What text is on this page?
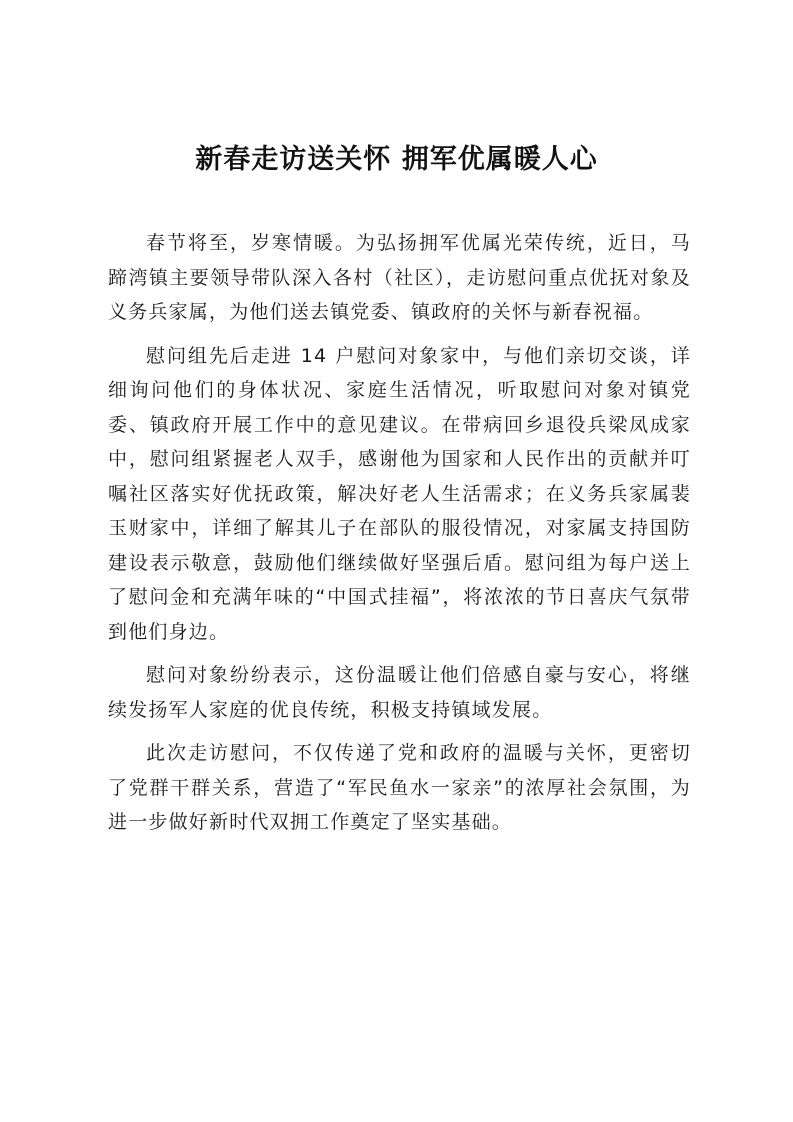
新春走访送关怀 拥军优属暖人心

春节将至，岁寒情暖。为弘扬拥军优属光荣传统，近日，马蹄湾镇主要领导带队深入各村（社区），走访慰问重点优抚对象及义务兵家属，为他们送去镇党委、镇政府的关怀与新春祝福。

慰问组先后走进 14 户慰问对象家中，与他们亲切交谈，详细询问他们的身体状况、家庭生活情况，听取慰问对象对镇党委、镇政府开展工作中的意见建议。在带病回乡退役兵梁凤成家中，慰问组紧握老人双手，感谢他为国家和人民作出的贡献并叮嘱社区落实好优抚政策，解决好老人生活需求；在义务兵家属裴玉财家中，详细了解其儿子在部队的服役情况，对家属支持国防建设表示敬意，鼓励他们继续做好坚强后盾。慰问组为每户送上了慰问金和充满年味的“中国式挂福”，将浓浓的节日喜庆气氛带到他们身边。

慰问对象纷纷表示，这份温暖让他们倍感自豪与安心，将继续发扬军人家庭的优良传统，积极支持镇域发展。

此次走访慰问，不仅传递了党和政府的温暖与关怀，更密切了党群干群关系，营造了“军民鱼水一家亲”的浓厚社会氛围，为进一步做好新时代双拥工作奠定了坚实基础。
